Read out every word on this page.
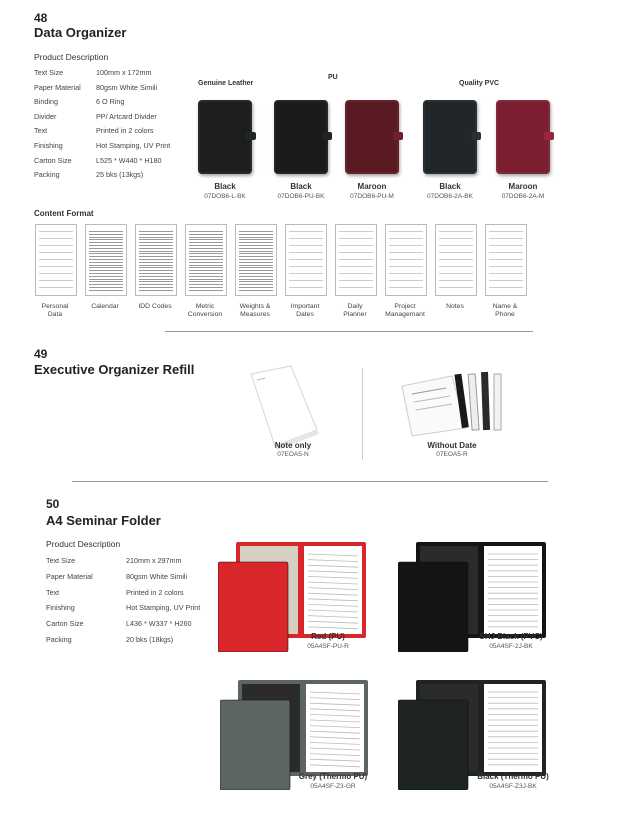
48
Data Organizer
Product Description
Text Size	100mm x 172mm
Paper Material 80gsm White Simili
Binding	6 O Ring
Divider	PP/ Artcard Divider
Text	Printed in 2 colors
Finishing	Hot Stamping, UV Print
Carton Size	L525 * W440 * H180
Packing	25 bks (13kgs)
Genuine Leather
PU
Quality PVC
Black
07DOB6-L-BK
Black
07DOB6-PU-BK
Maroon
07DOB6-PU-M
Black
07DOB6-2A-BK
Maroon
07DOB6-2A-M
Content Format
Personal
Data
Calendar	IDD Codes	Metric
Conversion
Weights &
Measures
Important
Dates
Daily
Planner
Project
Managemant
Notes	Name &
Phone
49
Executive Organizer Refill
Note only
07EOA5-N
Without Date
07EOA5-R
50
A4 Seminar Folder
Product Description
Text Size	210mm x 297mm
Paper Material	80gsm White Simili
Text	Printed in 2 colors
Finishing	Hot Stamping, UV Print
Carton Size	L436 * W337 * H260
Packing	20 bks (18kgs)	Red (PU)
05A4SF-PU-R
SHJ Black (PVC)
05A4SF-2J-BK
Grey (Thermo PU)
05A4SF-Z3-GR
Black (Thermo PU)
05A4SF-Z3J-BK
